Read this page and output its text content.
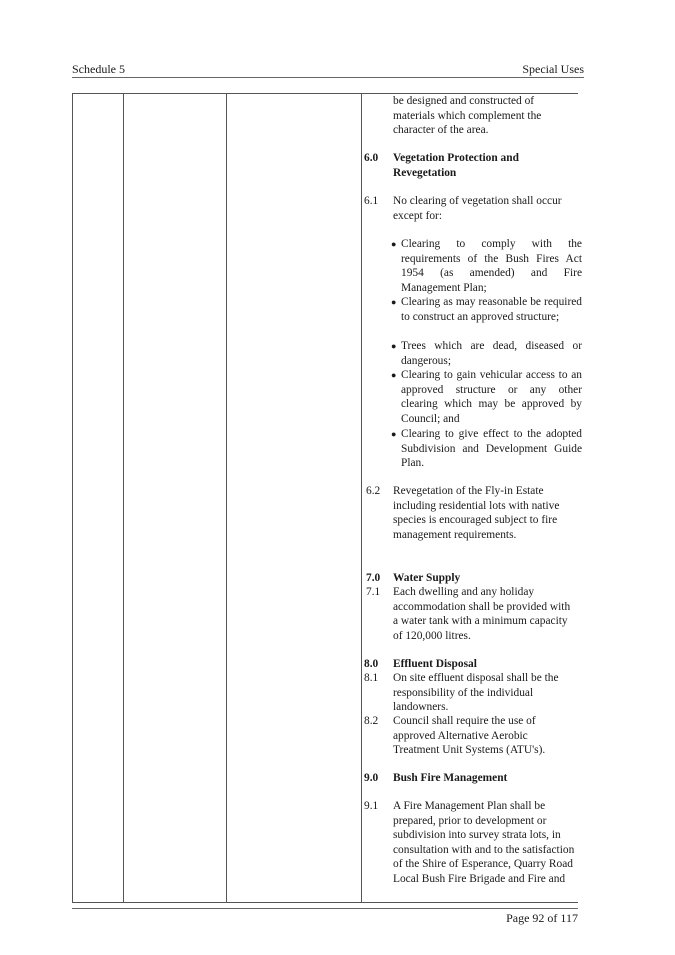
Schedule 5	Special Uses
be designed and constructed of materials which complement the character of the area.
6.0 Vegetation Protection and Revegetation
6.1 No clearing of vegetation shall occur except for:
● Clearing to comply with the requirements of the Bush Fires Act 1954 (as amended) and Fire Management Plan;
● Clearing as may reasonable be required to construct an approved structure;
● Trees which are dead, diseased or dangerous;
● Clearing to gain vehicular access to an approved structure or any other clearing which may be approved by Council; and
● Clearing to give effect to the adopted Subdivision and Development Guide Plan.
6.2 Revegetation of the Fly-in Estate including residential lots with native species is encouraged subject to fire management requirements.
7.0 Water Supply
7.1 Each dwelling and any holiday accommodation shall be provided with a water tank with a minimum capacity of 120,000 litres.
8.0 Effluent Disposal
8.1 On site effluent disposal shall be the responsibility of the individual landowners.
8.2 Council shall require the use of approved Alternative Aerobic Treatment Unit Systems (ATU's).
9.0 Bush Fire Management
9.1 A Fire Management Plan shall be prepared, prior to development or subdivision into survey strata lots, in consultation with and to the satisfaction of the Shire of Esperance, Quarry Road Local Bush Fire Brigade and Fire and
Page 92 of 117
